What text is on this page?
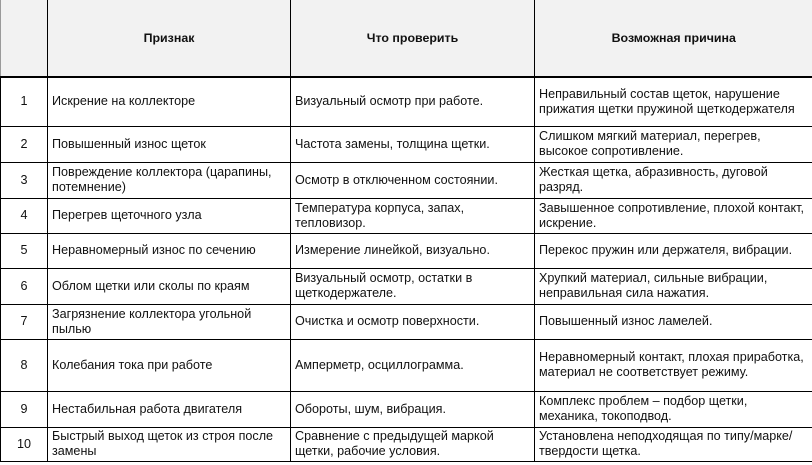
	Признак	Что проверить	Возможная причина
1	Искрение на коллекторе	Визуальный осмотр при работе.	Неправильный состав щеток, нарушение прижатия щетки пружиной щеткодержателя
2	Повышенный износ щеток	Частота замены, толщина щетки.	Слишком мягкий материал, перегрев, высокое сопротивление.
3	Повреждение коллектора (царапины, потемнение)	Осмотр в отключенном состоянии.	Жесткая щетка, абразивность, дуговой разряд.
4	Перегрев щеточного узла	Температура корпуса, запах, тепловизор.	Завышенное сопротивление, плохой контакт, искрение.
5	Неравномерный износ по сечению	Измерение линейкой, визуально.	Перекос пружин или держателя, вибрации.
6	Облом щетки или сколы по краям	Визуальный осмотр, остатки в щеткодержателе.	Хрупкий материал, сильные вибрации, неправильная сила нажатия.
7	Загрязнение коллектора угольной пылью	Очистка и осмотр поверхности.	Повышенный износ ламелей.
8	Колебания тока при работе	Амперметр, осциллограмма.	Неравномерный контакт, плохая приработка, материал не соответствует режиму.
9	Нестабильная работа двигателя	Обороты, шум, вибрация.	Комплекс проблем – подбор щетки, механика, токоподвод.
10	Быстрый выход щеток из строя после замены	Сравнение с предыдущей маркой щетки, рабочие условия.	Установлена неподходящая по типу/марке/ твердости щетка.
